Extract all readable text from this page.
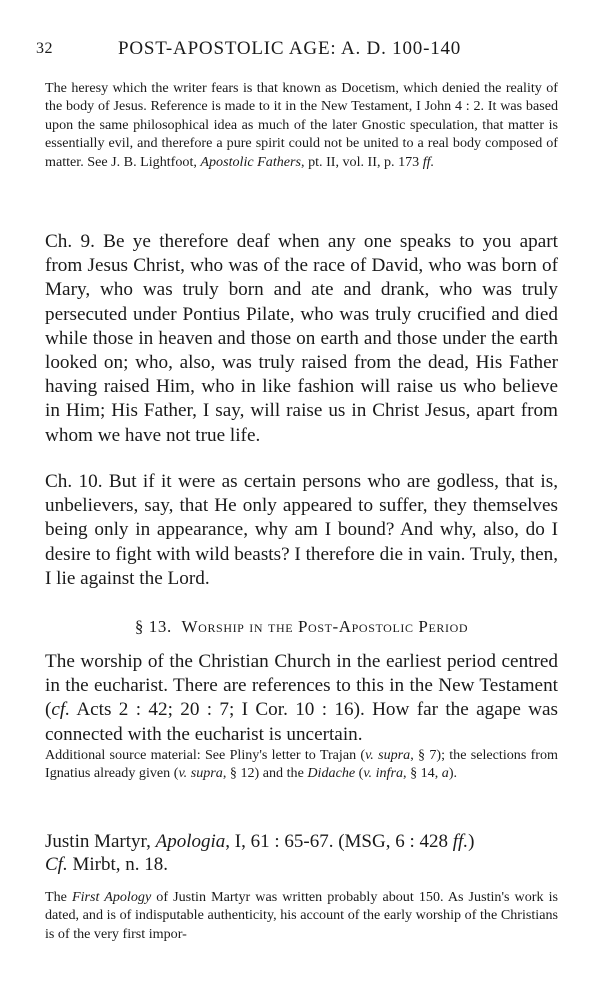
32	POST-APOSTOLIC AGE: A. D. 100-140

The heresy which the writer fears is that known as Docetism, which denied the reality of the body of Jesus. Reference is made to it in the New Testament, I John 4 : 2. It was based upon the same philosophical idea as much of the later Gnostic speculation, that matter is essentially evil, and therefore a pure spirit could not be united to a real body composed of matter. See J. B. Lightfoot, Apostolic Fathers, pt. II, vol. II, p. 173 ff.

Ch. 9. Be ye therefore deaf when any one speaks to you apart from Jesus Christ, who was of the race of David, who was born of Mary, who was truly born and ate and drank, who was truly persecuted under Pontius Pilate, who was truly crucified and died while those in heaven and those on earth and those under the earth looked on; who, also, was truly raised from the dead, His Father having raised Him, who in like fashion will raise us who believe in Him; His Father, I say, will raise us in Christ Jesus, apart from whom we have not true life.

Ch. 10. But if it were as certain persons who are godless, that is, unbelievers, say, that He only appeared to suffer, they themselves being only in appearance, why am I bound? And why, also, do I desire to fight with wild beasts? I therefore die in vain. Truly, then, I lie against the Lord.

§ 13. Worship in the Post-Apostolic Period

The worship of the Christian Church in the earliest period centred in the eucharist. There are references to this in the New Testament (cf. Acts 2 : 42; 20 : 7; I Cor. 10 : 16). How far the agape was connected with the eucharist is uncertain.

Additional source material: See Pliny's letter to Trajan (v. supra, § 7); the selections from Ignatius already given (v. supra, § 12) and the Didache (v. infra, § 14, a).

Justin Martyr, Apologia, I, 61 : 65-67. (MSG, 6 : 428 ff.)
Cf. Mirbt, n. 18.

The First Apology of Justin Martyr was written probably about 150. As Justin's work is dated, and is of indisputable authenticity, his account of the early worship of the Christians is of the very first impor-
